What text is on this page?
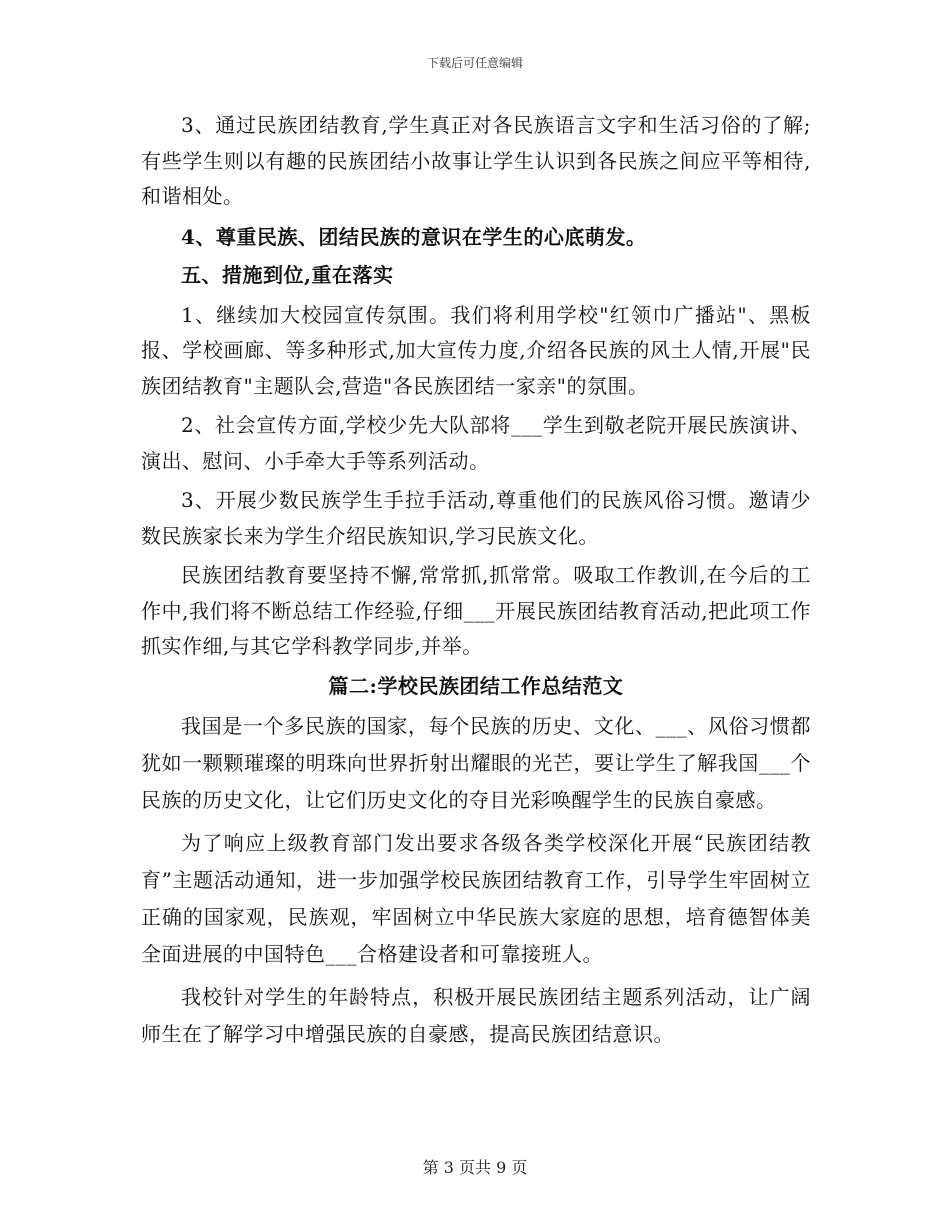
下载后可任意编辑

3、通过民族团结教育,学生真正对各民族语言文字和生活习俗的了解;有些学生则以有趣的民族团结小故事让学生认识到各民族之间应平等相待,和谐相处。

4、尊重民族、团结民族的意识在学生的心底萌发。

五、措施到位,重在落实

1、继续加大校园宣传氛围。我们将利用学校"红领巾广播站"、黑板报、学校画廊、等多种形式,加大宣传力度,介绍各民族的风土人情,开展"民族团结教育"主题队会,营造"各民族团结一家亲"的氛围。

2、社会宣传方面,学校少先大队部将___学生到敬老院开展民族演讲、演出、慰问、小手牵大手等系列活动。

3、开展少数民族学生手拉手活动,尊重他们的民族风俗习惯。邀请少数民族家长来为学生介绍民族知识,学习民族文化。

民族团结教育要坚持不懈,常常抓,抓常常。吸取工作教训,在今后的工作中,我们将不断总结工作经验,仔细___开展民族团结教育活动,把此项工作抓实作细,与其它学科教学同步,并举。

篇二:学校民族团结工作总结范文

我国是一个多民族的国家，每个民族的历史、文化、___、风俗习惯都犹如一颗颗璀璨的明珠向世界折射出耀眼的光芒，要让学生了解我国___个民族的历史文化，让它们历史文化的夺目光彩唤醒学生的民族自豪感。

为了响应上级教育部门发出要求各级各类学校深化开展“民族团结教育”主题活动通知，进一步加强学校民族团结教育工作，引导学生牢固树立正确的国家观，民族观，牢固树立中华民族大家庭的思想，培育德智体美全面进展的中国特色___合格建设者和可靠接班人。

我校针对学生的年龄特点，积极开展民族团结主题系列活动，让广阔师生在了解学习中增强民族的自豪感，提高民族团结意识。

第 3 页共 9 页
